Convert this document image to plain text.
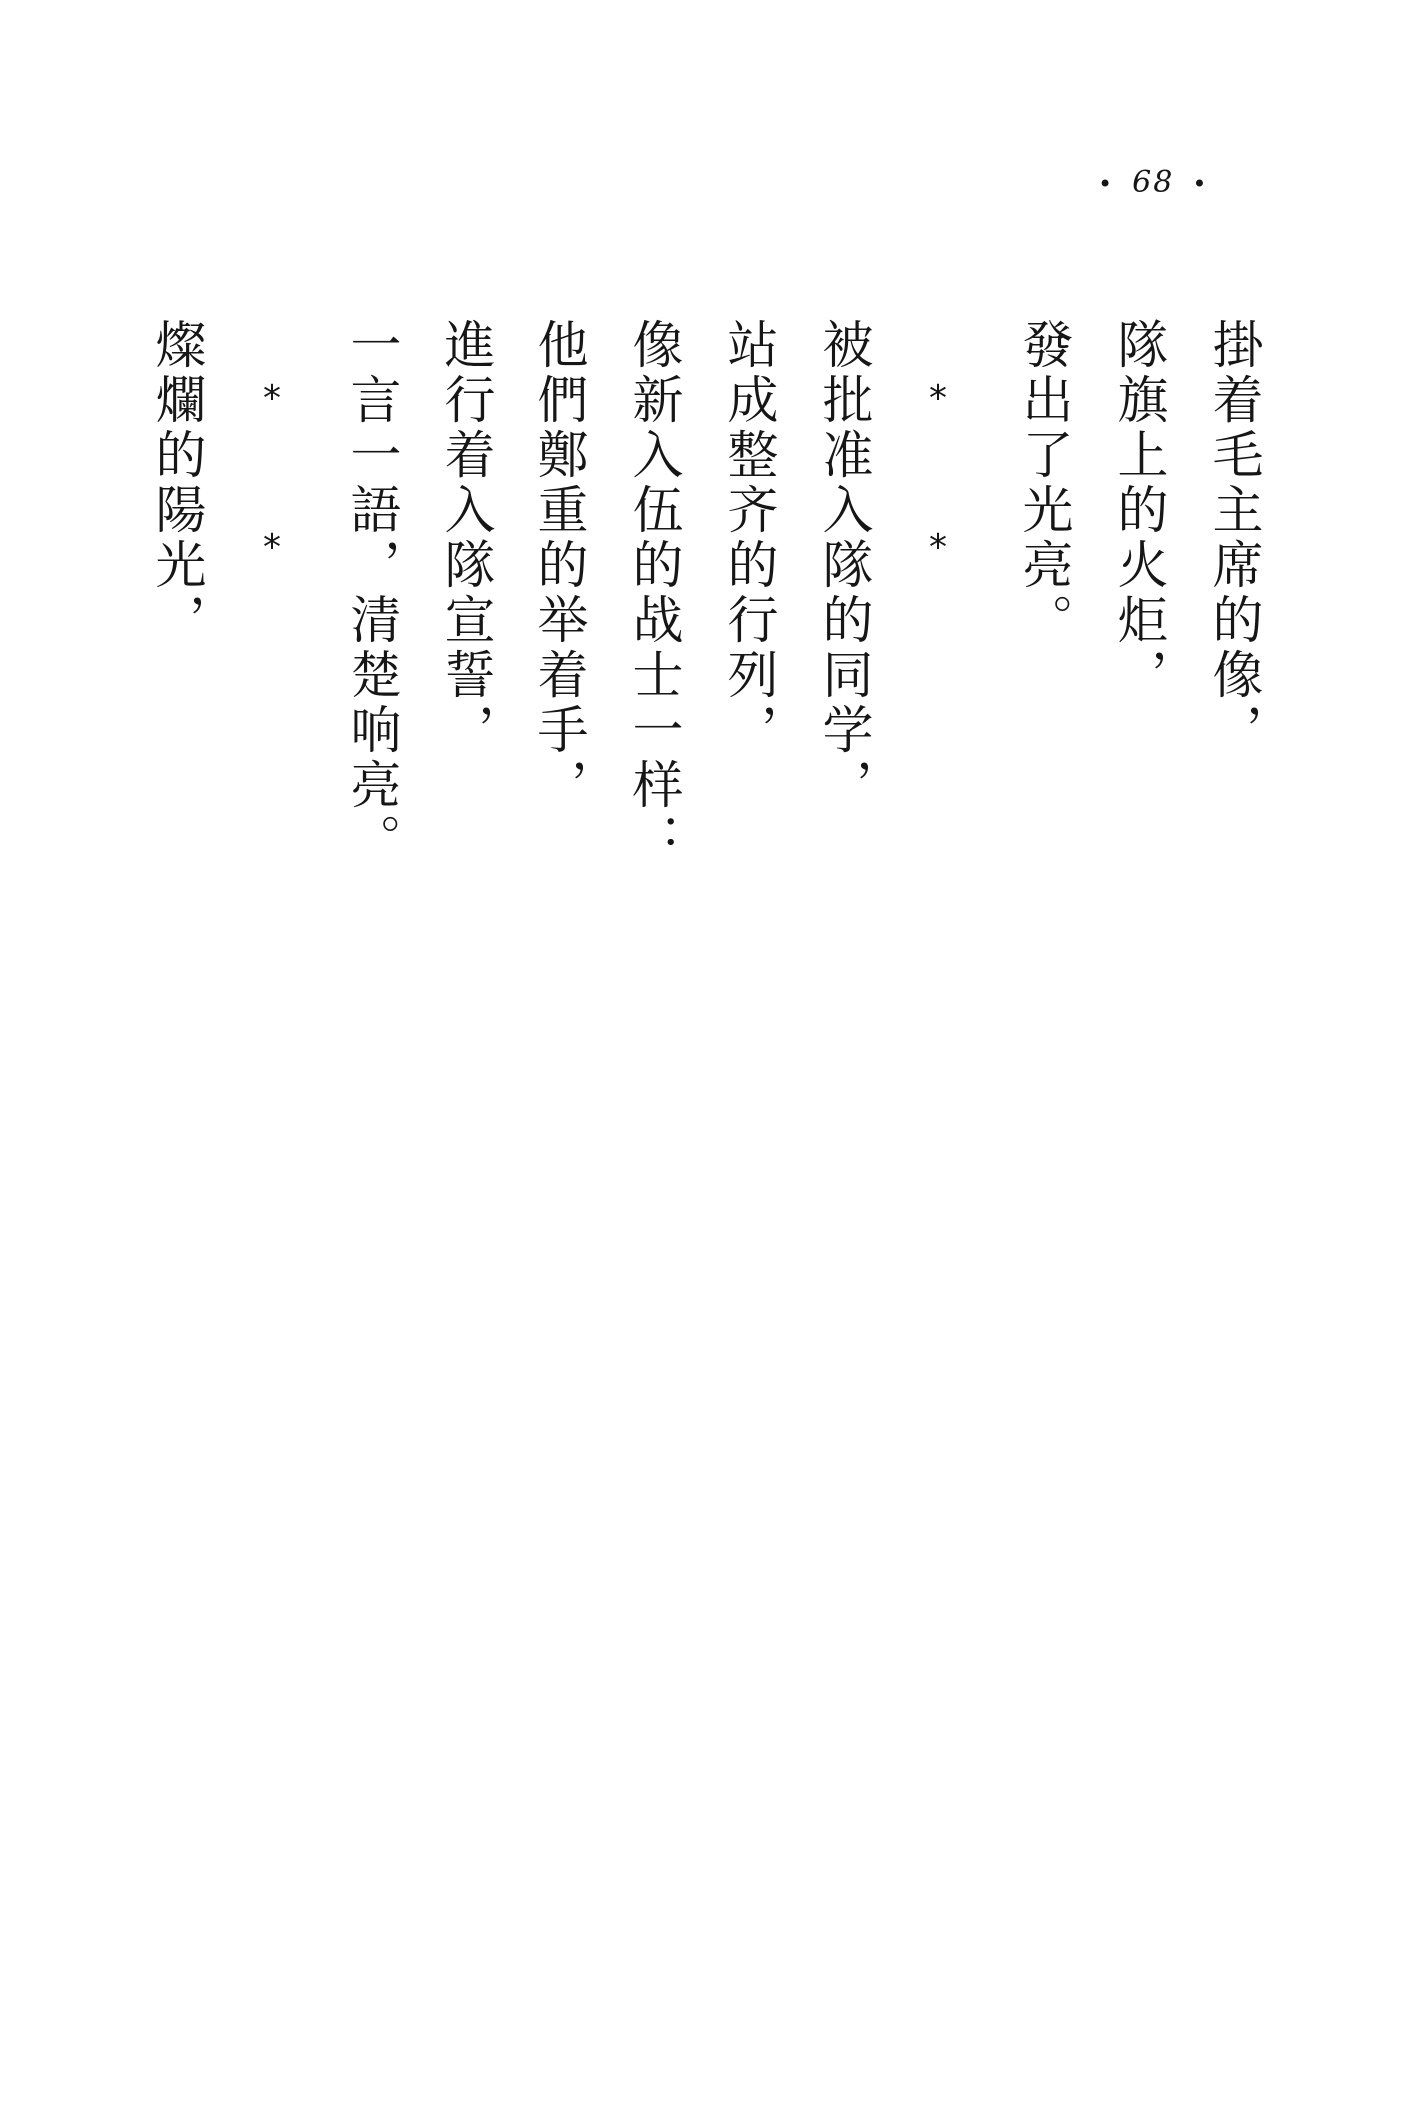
• 68 •
掛着毛主席的像，
隊旗上的火炬，
發出了光亮。
*
*
被批准入隊的同学，
站成整齐的行列，
像新入伍的战士一样：
他們鄭重的举着手，
進行着入隊宣誓，
一言一語，清楚响亮。
*
*
燦爛的陽光，
